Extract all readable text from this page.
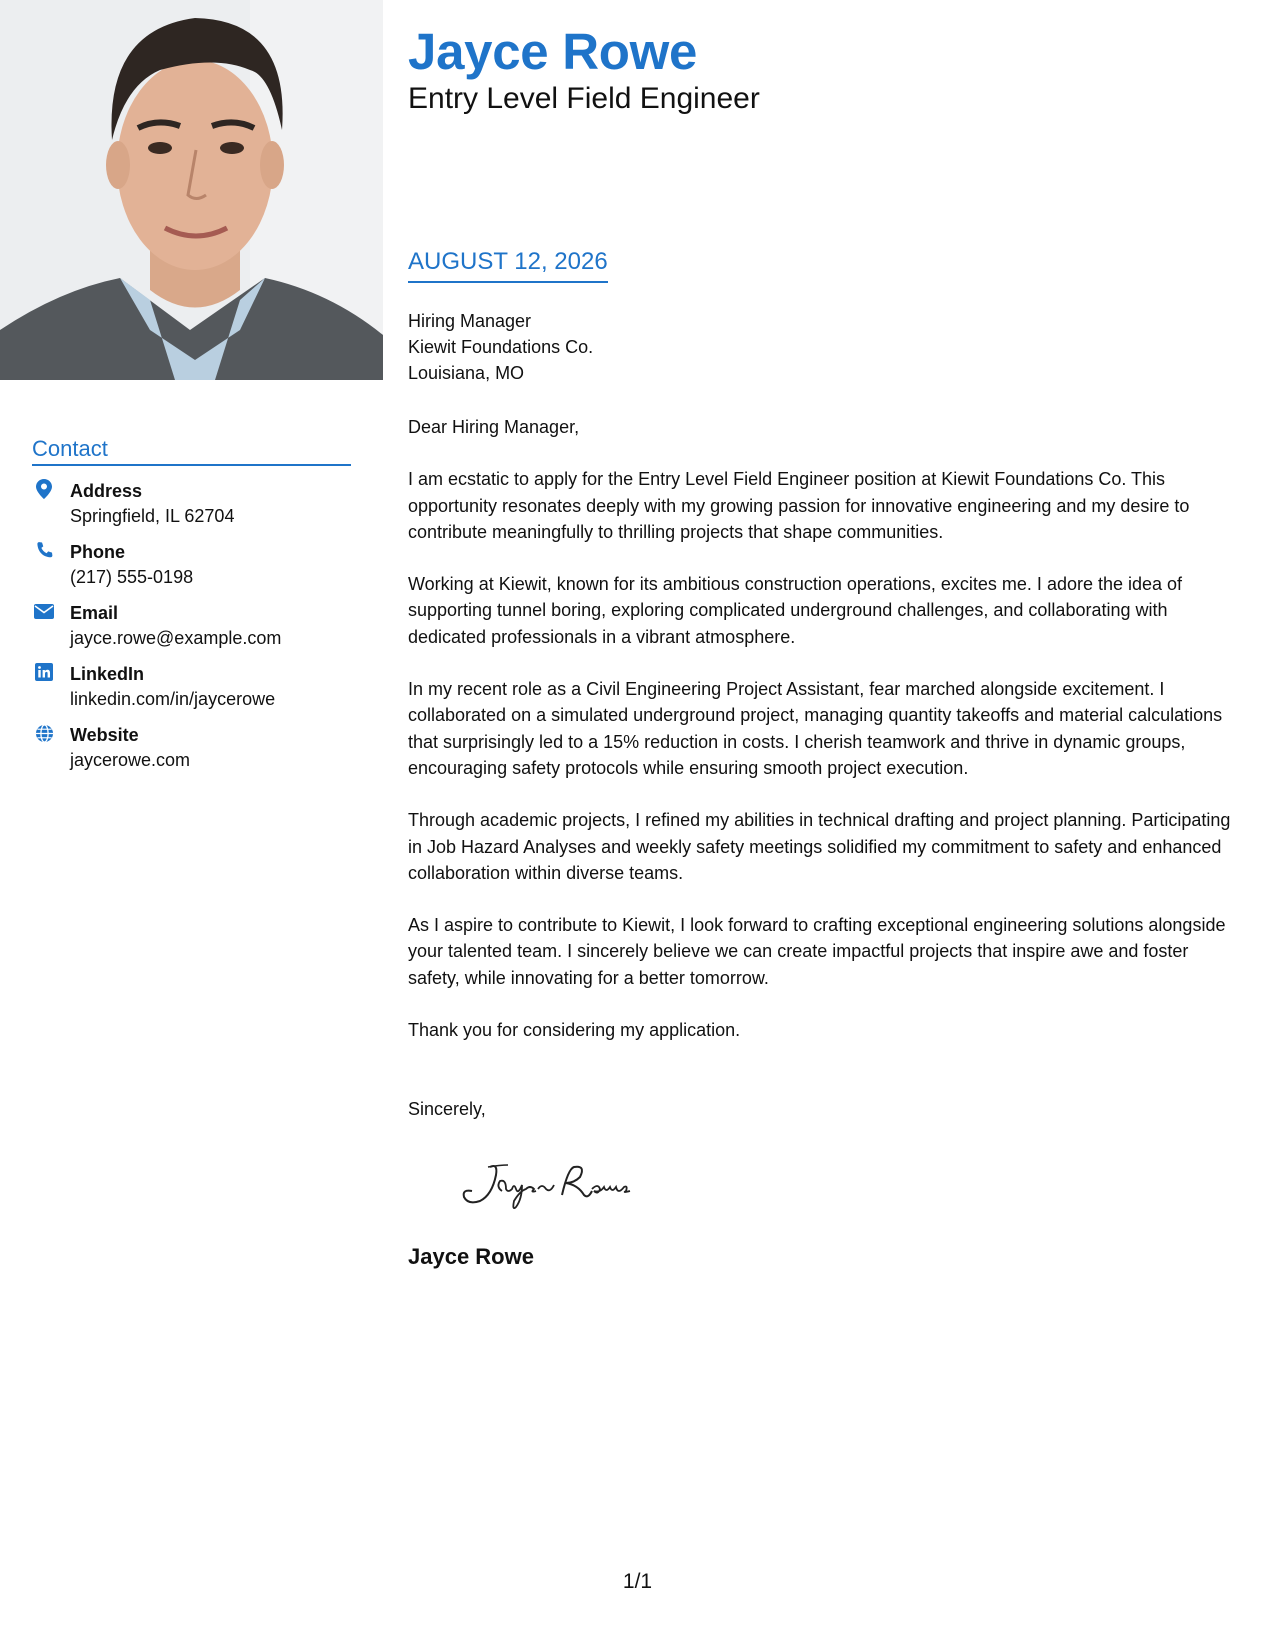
Contact
Address
Springfield, IL 62704
Phone
(217) 555-0198
Email
jayce.rowe@example.com
LinkedIn
linkedin.com/in/jaycerowe
Website
jaycerowe.com
Jayce Rowe
Entry Level Field Engineer
AUGUST 12, 2026
Hiring Manager
Kiewit Foundations Co.
Louisiana, MO

Dear Hiring Manager,

I am ecstatic to apply for the Entry Level Field Engineer position at Kiewit Foundations Co. This opportunity resonates deeply with my growing passion for innovative engineering and my desire to contribute meaningfully to thrilling projects that shape communities.

Working at Kiewit, known for its ambitious construction operations, excites me. I adore the idea of supporting tunnel boring, exploring complicated underground challenges, and collaborating with dedicated professionals in a vibrant atmosphere.

In my recent role as a Civil Engineering Project Assistant, fear marched alongside excitement. I collaborated on a simulated underground project, managing quantity takeoffs and material calculations that surprisingly led to a 15% reduction in costs. I cherish teamwork and thrive in dynamic groups, encouraging safety protocols while ensuring smooth project execution.

Through academic projects, I refined my abilities in technical drafting and project planning. Participating in Job Hazard Analyses and weekly safety meetings solidified my commitment to safety and enhanced collaboration within diverse teams.

As I aspire to contribute to Kiewit, I look forward to crafting exceptional engineering solutions alongside your talented team. I sincerely believe we can create impactful projects that inspire awe and foster safety, while innovating for a better tomorrow.

Thank you for considering my application.

Sincerely,
Jayce Rowe
1/1
